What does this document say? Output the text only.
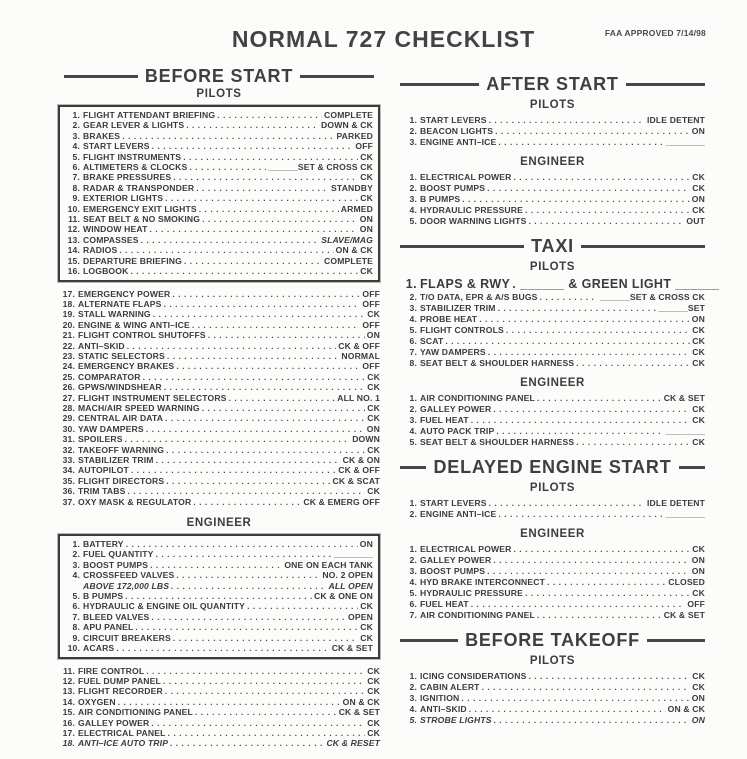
NORMAL 727 CHECKLIST	FAA APPROVED 7/14/98
BEFORE START
PILOTS
1. FLIGHT ATTENDANT BRIEFING . . .	COMPLETE
2. GEAR LEVER & LIGHTS . . .	DOWN & CK
3. BRAKES . . .	PARKED
4. START LEVERS . . .	OFF
5. FLIGHT INSTRUMENTS . . .	CK
6. ALTIMETERS & CLOCKS . . .	______SET & CROSS CK
7. BRAKE PRESSURES . . .	CK
8. RADAR & TRANSPONDER . . .	STANDBY
9. EXTERIOR LIGHTS . . .	CK
10. EMERGENCY EXIT LIGHTS . . .	ARMED
11. SEAT BELT & NO SMOKING . . .	ON
12. WINDOW HEAT . . .	ON
13. COMPASSES . . .	SLAVE/MAG
14. RADIOS . . .	ON & CK
15. DEPARTURE BRIEFING . . .	COMPLETE
16. LOGBOOK . . .	CK
17. EMERGENCY POWER . . .	OFF
18. ALTERNATE FLAPS . . .	OFF
19. STALL WARNING . . .	CK
20. ENGINE & WING ANTI–ICE . . .	OFF
21. FLIGHT CONTROL SHUTOFFS . . .	ON
22. ANTI–SKID . . .	CK & OFF
23. STATIC SELECTORS . . .	NORMAL
24. EMERGENCY BRAKES . . .	OFF
25. COMPARATOR . . .	CK
26. GPWS/WINDSHEAR . . .	CK
27. FLIGHT INSTRUMENT SELECTORS . . .	ALL NO. 1
28. MACH/AIR SPEED WARNING . . .	CK
29. CENTRAL AIR DATA . . .	CK
30. YAW DAMPERS . . .	ON
31. SPOILERS . . .	DOWN
32. TAKEOFF WARNING . . .	CK
33. STABILIZER TRIM . . .	CK & ON
34. AUTOPILOT . . .	CK & OFF
35. FLIGHT DIRECTORS . . .	CK & SCAT
36. TRIM TABS . . .	CK
37. OXY MASK & REGULATOR . . .	CK & EMERG OFF
ENGINEER
1. BATTERY . . .	ON
2. FUEL QUANTITY . . .	________
3. BOOST PUMPS . . .	ONE ON EACH TANK
4. CROSSFEED VALVES . . .	NO. 2 OPEN
ABOVE 172,000 LBS . . .	ALL OPEN
5. B PUMPS . . .	CK & ONE ON
6. HYDRAULIC & ENGINE OIL QUANTITY . . .	CK
7. BLEED VALVES . . .	OPEN
8. APU PANEL . . .	CK
9. CIRCUIT BREAKERS . . .	CK
10. ACARS . . .	CK & SET
11. FIRE CONTROL . . .	CK
12. FUEL DUMP PANEL . . .	CK
13. FLIGHT RECORDER . . .	CK
14. OXYGEN . . .	ON & CK
15. AIR CONDITIONING PANEL . . .	CK & SET
16. GALLEY POWER . . .	CK
17. ELECTRICAL PANEL . . .	CK
18. ANTI–ICE AUTO TRIP . . .	CK & RESET
AFTER START
PILOTS
1. START LEVERS . . .	IDLE DETENT
2. BEACON LIGHTS . . .	ON
3. ENGINE ANTI–ICE . . .	________
ENGINEER
1. ELECTRICAL POWER . . .	CK
2. BOOST PUMPS . . .	CK
3. B PUMPS . . .	ON
4. HYDRAULIC PRESSURE . . .	CK
5. DOOR WARNING LIGHTS . . .	OUT
TAXI
PILOTS
1. FLAPS & RWY . . . ______ & GREEN LIGHT ______
2. T/O DATA, EPR & A/S BUGS . . .	______SET & CROSS CK
3. STABILIZER TRIM . . .	______SET
4. PROBE HEAT . . .	ON
5. FLIGHT CONTROLS . . .	CK
6. SCAT . . .	CK
7. YAW DAMPERS . . .	CK
8. SEAT BELT & SHOULDER HARNESS . . .	CK
ENGINEER
1. AIR CONDITIONING PANEL . . .	CK & SET
2. GALLEY POWER . . .	CK
3. FUEL HEAT . . .	CK
4. AUTO PACK TRIP . . .	________
5. SEAT BELT & SHOULDER HARNESS . . .	CK
DELAYED ENGINE START
PILOTS
1. START LEVERS . . .	IDLE DETENT
2. ENGINE ANTI–ICE . . .	________
ENGINEER
1. ELECTRICAL POWER . . .	CK
2. GALLEY POWER . . .	ON
3. BOOST PUMPS . . .	ON
4. HYD BRAKE INTERCONNECT . . .	CLOSED
5. HYDRAULIC PRESSURE . . .	CK
6. FUEL HEAT . . .	OFF
7. AIR CONDITIONING PANEL . . .	CK & SET
BEFORE TAKEOFF
PILOTS
1. ICING CONSIDERATIONS . . .	CK
2. CABIN ALERT . . .	CK
3. IGNITION . . .	ON
4. ANTI–SKID . . .	ON & CK
5. STROBE LIGHTS . . .	ON
